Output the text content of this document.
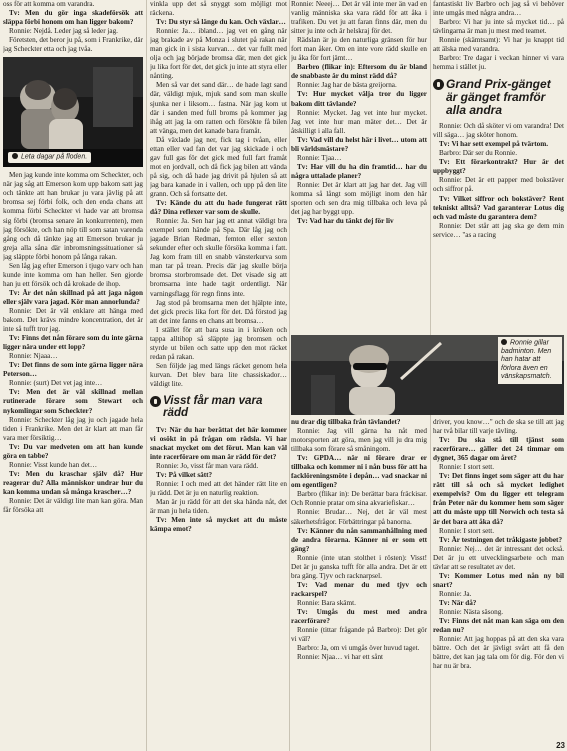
oss för att komma om varandra.

Tv: Men du gör inga skadeförsök att släppa förbi honom om han ligger bakom?

Ronnie: Nejdå. Leder jag så leder jag.

Företsten, det beror ju på, som i Frankrike, där jag Scheckter etta och jag tvåa.

Leta dagar på floden.

Men jag kunde inte komma om Scheckter, och när jag såg att Emerson kom upp bakom satt jag och tänkte att han brukar ju vara jävlig på att bromsa sej förbi folk, och den enda chans att komma förbi Scheckter vi hade var att bromsa sig förbi (bromsa senare än konkurrenten), men jag försökte, och han nöp till som satan varenda gång och då tänkte jag att Emerson brukar ju greja alla såna där inbromsningssituationer så jag släppte förbi honom på långa rakan.

Sen låg jag efter Emerson i tjugo varv och han kunde inte komma om han heller. Sen gjorde han ju ett försök och då krokade de ihop.

Tv: Är det nån skillnad på att jaga någon eller själv vara jagad. Kör man annorlunda?

Ronnie: Det är väl enklare att hänga med bakom. Det krävs mindre koncentration, det är inte så tufft tror jag.

Tv: Finns det nån förare som du inte gärna ligger nära under ett lopp?

Ronnie: Njaaa…

Tv: Det finns de som inte gärna ligger nära Peterson…

Ronnie: (surt) Det vet jag inte…

Tv: Men det är väl skillnad mellan rutinerade förare som Stewart och nykomlingar som Scheckter?

Ronnie: Scheckter låg jag ju och jagade hela tiden i Frankrike. Men det är klart att man får vara mer försiktig…

Tv: Du var medveten om att han kunde göra en tabbe?

Ronnie: Visst kunde han det…

Tv: Men du kraschar själv då? Hur reagerar du? Alla människor undrar hur du kan komma undan så många krascher…?

Ronnie: Det är väldigt lite man kan göra. Man får försöka att

vinkla upp det så snyggt som möjligt mot räckena.

Tv: Du styr så länge du kan. Och växlar…

Ronnie: Ja… ibland… jag vet en gång när jag brakade av på Monza i slutet på rakan när man gick in i sista kurvan… det var fullt med olja och jag började bromsa där, men det gick ju lika fort för det, det gick ju inte att styra eller nånting.

Men så var det sand där… de hade lagt sand där, väldigt mjuk, mjuk sand som man skulle sjunka ner i liksom… fastna. När jag kom ut där i sanden med full broms på kommer jag ihåg att jag la om ratten och försökte få bilen att vänga, men det kanade bara framåt.

Då växlade jag ner, fick tag i tvåan, eller ettan eller vad fan det var jag skickade i och gav full gas för det gick med full fart framåt mot en jordvall, och då fick jag bilen att vända på sig, och då hade jag drivit på hjulen så att jag bara kanade in i vallen, och upp på den lite grann. Och så fortsatte det.

Tv: Kände du att du hade fungerat rätt då? Dina reflexer var som de skulle.

Ronnie: Ja. Sen har jag ett annat väldigt bra exempel som hände på Spa. Där låg jag och jagade Brian Redman, femton eller sexton sekunder efter och skulle försöka komma i fatt. Jag kom fram till en snabb vänsterkurva som man tar på trean. Precis där jag skulle börja bromsa storbromsade det. Det visade sig att bromsarna inte hade tagit ordentligt. När varningsflagg för regn finns inte.

Jag stod på bromsarna men det hjälpte inte, det gick precis lika fort för det. Då förstod jag att det inte fanns en chans att bromsa…

I stället för att bara susa in i kröken och tappa alltihop så släppte jag bromsen och styrde ut bilen och satte upp den mot räcket redan på rakan.

Sen följde jag med längs räcket genom hela kurvan. Det blev bara lite chassiskador… väldigt lite.

Visst får man vara rädd

Tv: När du har berättat det här kommer vi osökt in på frågan om rädsla. Vi har snackat mycket om det förut. Man kan väl inte racerförare om man är rädd för det?

Ronnie: Jo, visst får man vara rädd.

Tv: På vilket sätt?

Ronnie: I och med att det händer rätt lite en ju rädd. Det är ju en naturlig reaktion.

Man är ju rädd för att det ska hända nåt, det är man ju hela tiden.

Tv: Men inte så mycket att du måste kämpa emot?

Ronnie: Neeej… Det är väl inte mer än vad en vanlig människa ska vara rädd för att åka i trafiken. Du vet ju att faran finns där, men du sitter ju inte och är helskraj för det.

Rädslan är ju den naturliga gränsen för hur fort man åker. Om en inte vore rädd skulle en ju åka för fort jämt…

Barbro (flikar in): Eftersom du är bland de snabbaste är du minst rädd då?

Ronnie: Jag har de bästa greijorna.

Tv: Hur mycket välja tror du ligger bakom ditt tävlande?

Ronnie: Mycket. Jag vet inte hur mycket. Jag vet inte hur man mäter det… Det är åtskilligt i alla fall.

Tv: Vad vill du helst här i livet… utom att bli världsmästare?

Ronnie: Tjaa…

Tv: Har vill du ha din framtid… har du några uttalade planer?

Ronnie: Det är klart att jag har det. Jag vill komma så långt som möjligt inom den här sporten och sen dra mig tillbaka och leva på det jag har byggt upp.

Tv: Vad har du tänkt dej för liv

Ronnie gillar badminton. Men han hatar att förlora även en vänskapsmatch.

nu drar dig tillbaka från tävlandet?

Ronnie: Jag vill gärna ha nåt med motorsporten att göra, men jag vill ju dra mig tillbaka som förare så småningom.

Tv: GPDA… när ni förare drar er tillbaka och kommer ni i nån buss för att ha facklöreningsmöte i depån… vad snackar ni om egentligen?

Barbro (flikar in): De berättar bara fräckisar. Och Ronnie pratar om sina akvariefiskar…

Ronnie: Brudar… Nej, det är väl mest säkerhetsfrågor. Förbättringar på banorna.

Tv: Känner du nån sammanhållning med de andra förarna. Känner ni er som ett gäng?

Ronnie (inte utan stolthet i rösten): Visst! Det är ju ganska tufft för alla andra. Det är ett bra gäng. Tjyv och racknarpsel.

Tv: Vad menar du med tjyv och rackarspel?

Ronnie: Bara skämt.

Tv: Umgås du mest med andra racerförare?

Ronnie (tittar frågande på Barbro): Det gör vi väl?

Barbro: Ja, om vi umgås över huvud taget.

Ronnie: Njaa… vi har ett sånt

fantastiskt liv Barbro och jag så vi behöver inte umgås med några andra…

Barbro: Vi har ju inte så mycket tid… på tävlingarna är man ju mest med teamet.

Ronnie (skämtsamt): Vi har ju knappt tid att älska med varandra.

Barbro: Tre dagar i veckan hinner vi vara hemma i stället ju.

Grand Prix-gänget är gänget framför alla andra

Ronnie: Och då sköter vi om varandra! Det vill säga… jag sköter honom.

Tv: Vi har sett exempel på tvärtom.

Barbro: Där ser du Ronnie.

Tv: Ett förarkontrakt? Hur är det uppbyggt?

Ronnie: Det är ett papper med bokstäver och siffror på.

Tv: Vilket siffror och bokstäver? Rent tekniskt alltså? Vad garanterar Lotus dig och vad måste du garantera dem?

Ronnie: Det står att jag ska ge dem min service… "as a racing

driver, you know…" och de ska se till att jag har två bilar till varje tävling.

Tv: Du ska stå till tjänst som racerförare… gäller det 24 timmar om dygnet, 365 dagar om året?

Ronnie: I stort sett.

Tv: Det finns inget som säger att du har rätt till så och så mycket ledighet exempelvis? Om du ligger ett telegram från Peter när du kommer hem som säger att du måste upp till Norwich och testa så är det bara att åka då?

Ronnie: I stort sett.

Tv: Är testningen det tråkigaste jobbet?

Ronnie: Nej… det är intressant det också. Det är ju ett utvecklingsarbete och man tävlar att se resultatet av det.

Tv: Kommer Lotus med nån ny bil snart?

Ronnie: Ja.

Tv: När då?

Ronnie: Nästa säsong.

Tv: Finns det nåt man kan säga om den redan nu?

Ronnie: Att jag hoppas på att den ska vara bättre. Och det är jävligt svårt att få den bättre, det kan jag tala om för dig. För den vi har nu är bra.

23
